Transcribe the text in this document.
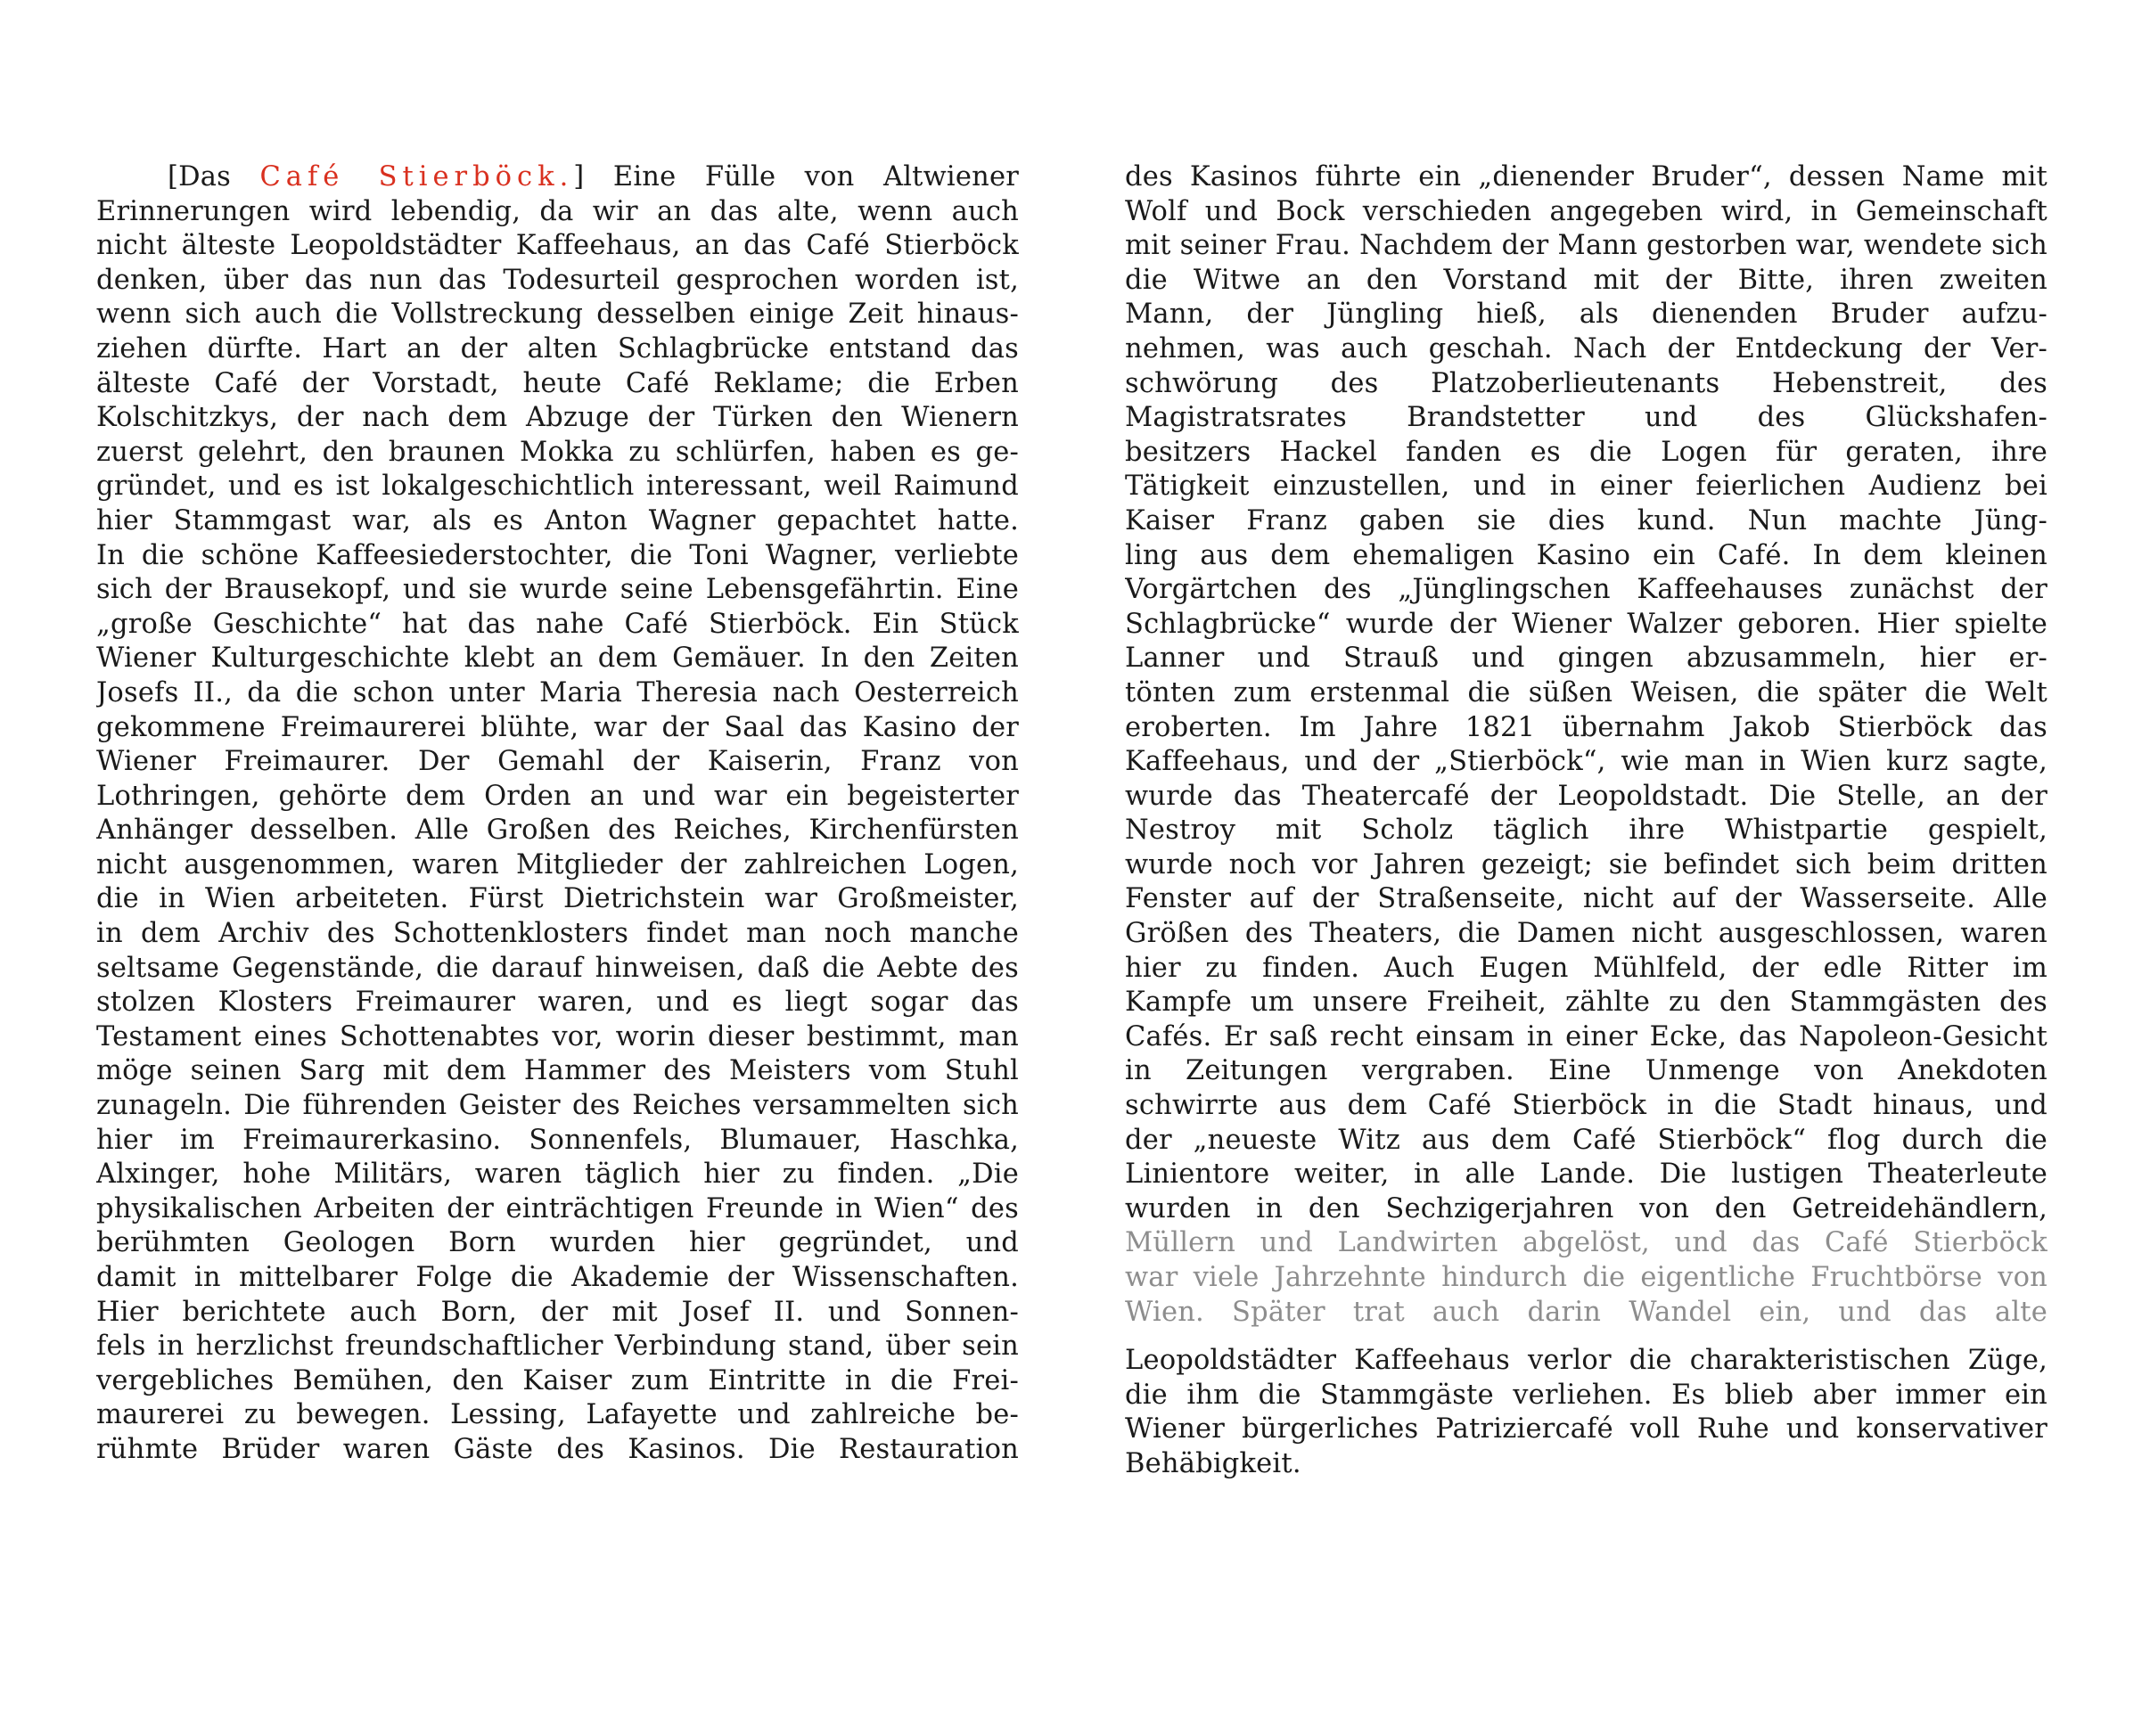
[Das Café Stierböck.] Eine Fülle von Altwiener
Erinnerungen wird lebendig, da wir an das alte, wenn auch
nicht älteste Leopoldstädter Kaffeehaus, an das Café Stierböck
denken, über das nun das Todesurteil gesprochen worden ist,
wenn sich auch die Vollstreckung desselben einige Zeit hinaus-
ziehen dürfte. Hart an der alten Schlagbrücke entstand das
älteste Café der Vorstadt, heute Café Reklame; die Erben
Kolschitzkys, der nach dem Abzuge der Türken den Wienern
zuerst gelehrt, den braunen Mokka zu schlürfen, haben es ge-
gründet, und es ist lokalgeschichtlich interessant, weil Raimund
hier Stammgast war, als es Anton Wagner gepachtet hatte.
In die schöne Kaffeesiederstochter, die Toni Wagner, verliebte
sich der Brausekopf, und sie wurde seine Lebensgefährtin. Eine
„große Geschichte“ hat das nahe Café Stierböck. Ein Stück
Wiener Kulturgeschichte klebt an dem Gemäuer. In den Zeiten
Josefs II., da die schon unter Maria Theresia nach Oesterreich
gekommene Freimaurerei blühte, war der Saal das Kasino der
Wiener Freimaurer. Der Gemahl der Kaiserin, Franz von
Lothringen, gehörte dem Orden an und war ein begeisterter
Anhänger desselben. Alle Großen des Reiches, Kirchenfürsten
nicht ausgenommen, waren Mitglieder der zahlreichen Logen,
die in Wien arbeiteten. Fürst Dietrichstein war Großmeister,
in dem Archiv des Schottenklosters findet man noch manche
seltsame Gegenstände, die darauf hinweisen, daß die Aebte des
stolzen Klosters Freimaurer waren, und es liegt sogar das
Testament eines Schottenabtes vor, worin dieser bestimmt, man
möge seinen Sarg mit dem Hammer des Meisters vom Stuhl
zunageln. Die führenden Geister des Reiches versammelten sich
hier im Freimaurerkasino. Sonnenfels, Blumauer, Haschka,
Alxinger, hohe Militärs, waren täglich hier zu finden. „Die
physikalischen Arbeiten der einträchtigen Freunde in Wien“ des
berühmten Geologen Born wurden hier gegründet, und
damit in mittelbarer Folge die Akademie der Wissenschaften.
Hier berichtete auch Born, der mit Josef II. und Sonnen-
fels in herzlichst freundschaftlicher Verbindung stand, über sein
vergebliches Bemühen, den Kaiser zum Eintritte in die Frei-
maurerei zu bewegen. Lessing, Lafayette und zahlreiche be-
rühmte Brüder waren Gäste des Kasinos. Die Restauration
des Kasinos führte ein „dienender Bruder“, dessen Name mit
Wolf und Bock verschieden angegeben wird, in Gemeinschaft
mit seiner Frau. Nachdem der Mann gestorben war, wendete sich
die Witwe an den Vorstand mit der Bitte, ihren zweiten
Mann, der Jüngling hieß, als dienenden Bruder aufzu-
nehmen, was auch geschah. Nach der Entdeckung der Ver-
schwörung des Platzoberlieutenants Hebenstreit, des
Magistratsrates Brandstetter und des Glückshafen-
besitzers Hackel fanden es die Logen für geraten, ihre
Tätigkeit einzustellen, und in einer feierlichen Audienz bei
Kaiser Franz gaben sie dies kund. Nun machte Jüng-
ling aus dem ehemaligen Kasino ein Café. In dem kleinen
Vorgärtchen des „Jünglingschen Kaffeehauses zunächst der
Schlagbrücke“ wurde der Wiener Walzer geboren. Hier spielte
Lanner und Strauß und gingen abzusammeln, hier er-
tönten zum erstenmal die süßen Weisen, die später die Welt
eroberten. Im Jahre 1821 übernahm Jakob Stierböck das
Kaffeehaus, und der „Stierböck“, wie man in Wien kurz sagte,
wurde das Theatercafé der Leopoldstadt. Die Stelle, an der
Nestroy mit Scholz täglich ihre Whistpartie gespielt,
wurde noch vor Jahren gezeigt; sie befindet sich beim dritten
Fenster auf der Straßenseite, nicht auf der Wasserseite. Alle
Größen des Theaters, die Damen nicht ausgeschlossen, waren
hier zu finden. Auch Eugen Mühlfeld, der edle Ritter im
Kampfe um unsere Freiheit, zählte zu den Stammgästen des
Cafés. Er saß recht einsam in einer Ecke, das Napoleon-Gesicht
in Zeitungen vergraben. Eine Unmenge von Anekdoten
schwirrte aus dem Café Stierböck in die Stadt hinaus, und
der „neueste Witz aus dem Café Stierböck“ flog durch die
Linientore weiter, in alle Lande. Die lustigen Theaterleute
wurden in den Sechzigerjahren von den Getreidehändlern,
Müllern und Landwirten abgelöst, und das Café Stierböck
war viele Jahrzehnte hindurch die eigentliche Fruchtbörse von
Wien. Später trat auch darin Wandel ein, und das alte
Leopoldstädter Kaffeehaus verlor die charakteristischen Züge,
die ihm die Stammgäste verliehen. Es blieb aber immer ein
Wiener bürgerliches Patriziercafé voll Ruhe und konservativer
Behäbigkeit.
